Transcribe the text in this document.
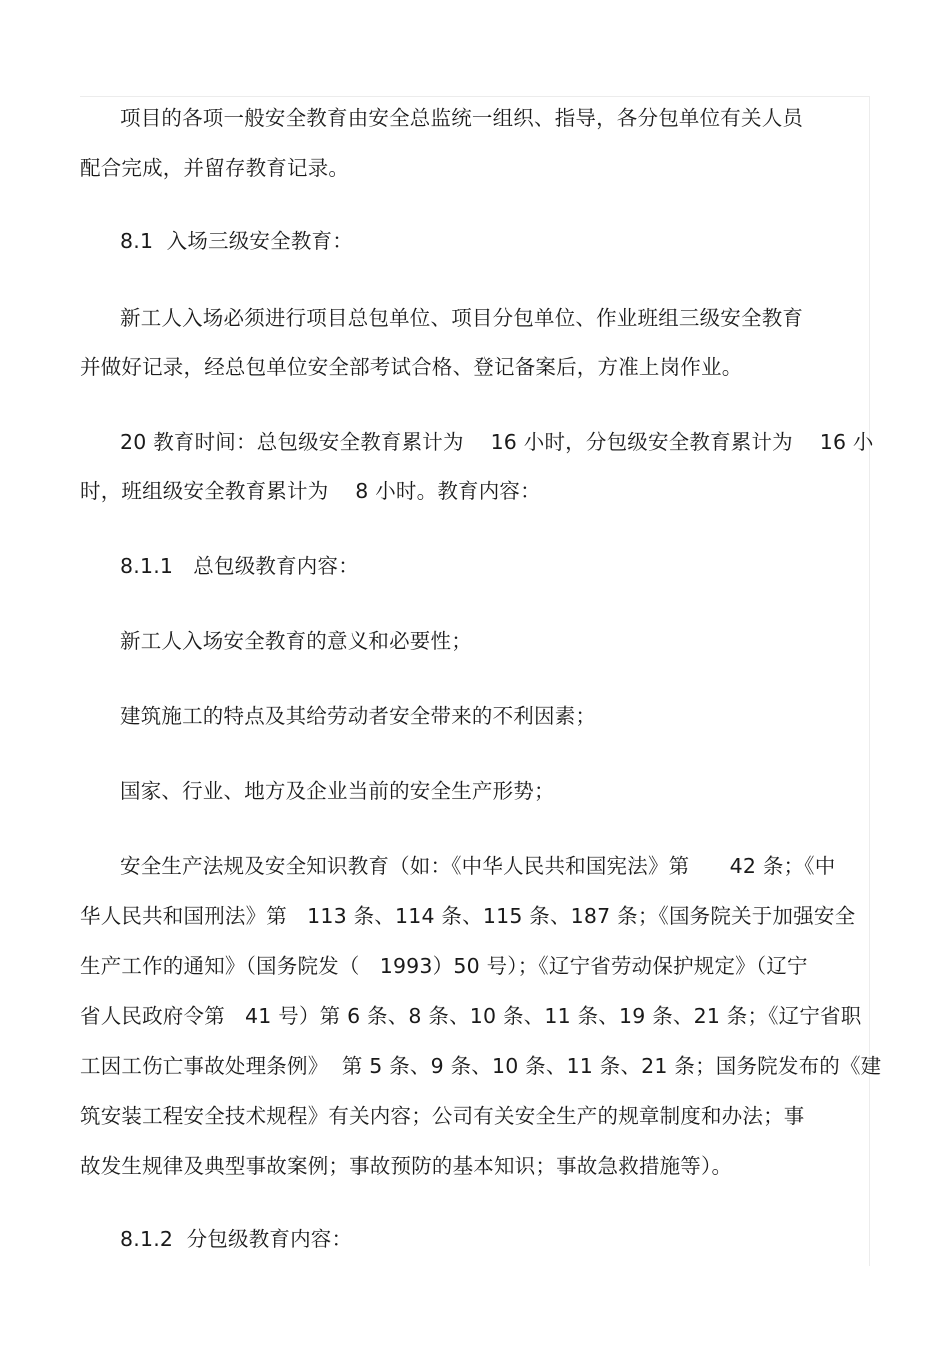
项目的各项一般安全教育由安全总监统一组织、指导，各分包单位有关人员
配合完成，并留存教育记录。
8.1  入场三级安全教育：
新工人入场必须进行项目总包单位、项目分包单位、作业班组三级安全教育
并做好记录，经总包单位安全部考试合格、登记备案后，方准上岗作业。
20 教育时间：总包级安全教育累计为    16 小时，分包级安全教育累计为    16 小
时，班组级安全教育累计为    8 小时。教育内容：
8.1.1   总包级教育内容：
新工人入场安全教育的意义和必要性；
建筑施工的特点及其给劳动者安全带来的不利因素；
国家、行业、地方及企业当前的安全生产形势；
安全生产法规及安全知识教育（如：《中华人民共和国宪法》第      42 条；《中
华人民共和国刑法》第   113 条、114 条、115 条、187 条；《国务院关于加强安全
生产工作的通知》（国务院发（   1993）50 号）；《辽宁省劳动保护规定》（辽宁
省人民政府令第   41 号）第 6 条、8 条、10 条、11 条、19 条、21 条；《辽宁省职
工因工伤亡事故处理条例》  第 5 条、9 条、10 条、11 条、21 条；国务院发布的《建
筑安装工程安全技术规程》有关内容；公司有关安全生产的规章制度和办法；事
故发生规律及典型事故案例；事故预防的基本知识；事故急救措施等）。
8.1.2  分包级教育内容：
